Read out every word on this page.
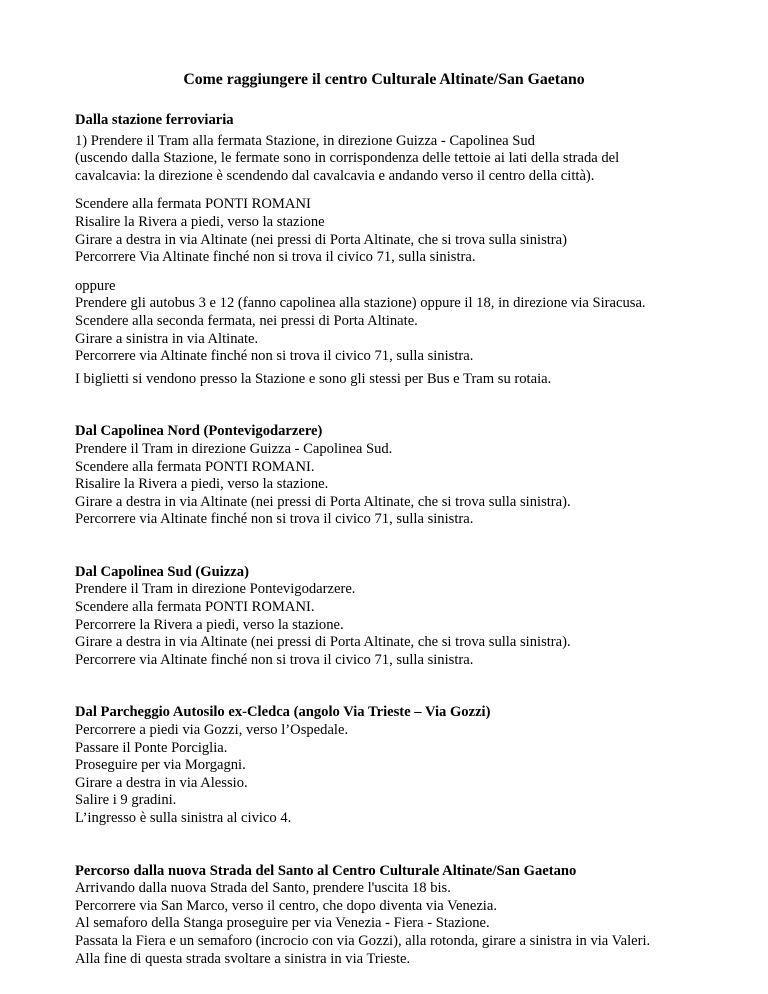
Come raggiungere il centro Culturale Altinate/San Gaetano
Dalla stazione ferroviaria
1) Prendere il Tram alla fermata Stazione, in direzione Guizza - Capolinea Sud
(uscendo dalla Stazione, le fermate sono in corrispondenza delle tettoie ai lati della strada del
cavalcavia: la direzione è scendendo dal cavalcavia e andando verso il centro della città).
Scendere alla fermata PONTI ROMANI
Risalire la Rivera a piedi, verso la stazione
Girare a destra in via Altinate (nei pressi di Porta Altinate, che si trova sulla sinistra)
Percorrere Via Altinate finché non si trova il civico 71, sulla sinistra.
oppure
Prendere gli autobus 3 e 12 (fanno capolinea alla stazione) oppure il 18, in direzione via Siracusa.
Scendere alla seconda fermata, nei pressi di Porta Altinate.
Girare a sinistra in via Altinate.
Percorrere via Altinate finché non si trova il civico 71, sulla sinistra.
I biglietti si vendono presso la Stazione e sono gli stessi per Bus e Tram su rotaia.
Dal Capolinea Nord (Pontevigodarzere)
Prendere il Tram in direzione Guizza - Capolinea Sud.
Scendere alla fermata PONTI ROMANI.
Risalire la Rivera a piedi, verso la stazione.
Girare a destra in via Altinate (nei pressi di Porta Altinate, che si trova sulla sinistra).
Percorrere via Altinate finché non si trova il civico 71, sulla sinistra.
Dal Capolinea Sud (Guizza)
Prendere il Tram in direzione Pontevigodarzere.
Scendere alla fermata PONTI ROMANI.
Percorrere la Rivera a piedi, verso la stazione.
Girare a destra in via Altinate (nei pressi di Porta Altinate, che si trova sulla sinistra).
Percorrere via Altinate finché non si trova il civico 71, sulla sinistra.
Dal Parcheggio Autosilo ex-Cledca (angolo Via Trieste – Via Gozzi)
Percorrere a piedi via Gozzi, verso l’Ospedale.
Passare il Ponte Porciglia.
Proseguire per via Morgagni.
Girare a destra in via Alessio.
Salire i 9 gradini.
L’ingresso è sulla sinistra al civico 4.
Percorso dalla nuova Strada del Santo al Centro Culturale Altinate/San Gaetano
Arrivando dalla nuova Strada del Santo, prendere l'uscita 18 bis.
Percorrere via San Marco, verso il centro, che dopo diventa via Venezia.
Al semaforo della Stanga proseguire per via Venezia - Fiera - Stazione.
Passata la Fiera e un semaforo (incrocio con via Gozzi), alla rotonda, girare a sinistra in via Valeri.
Alla fine di questa strada svoltare a sinistra in via Trieste.
